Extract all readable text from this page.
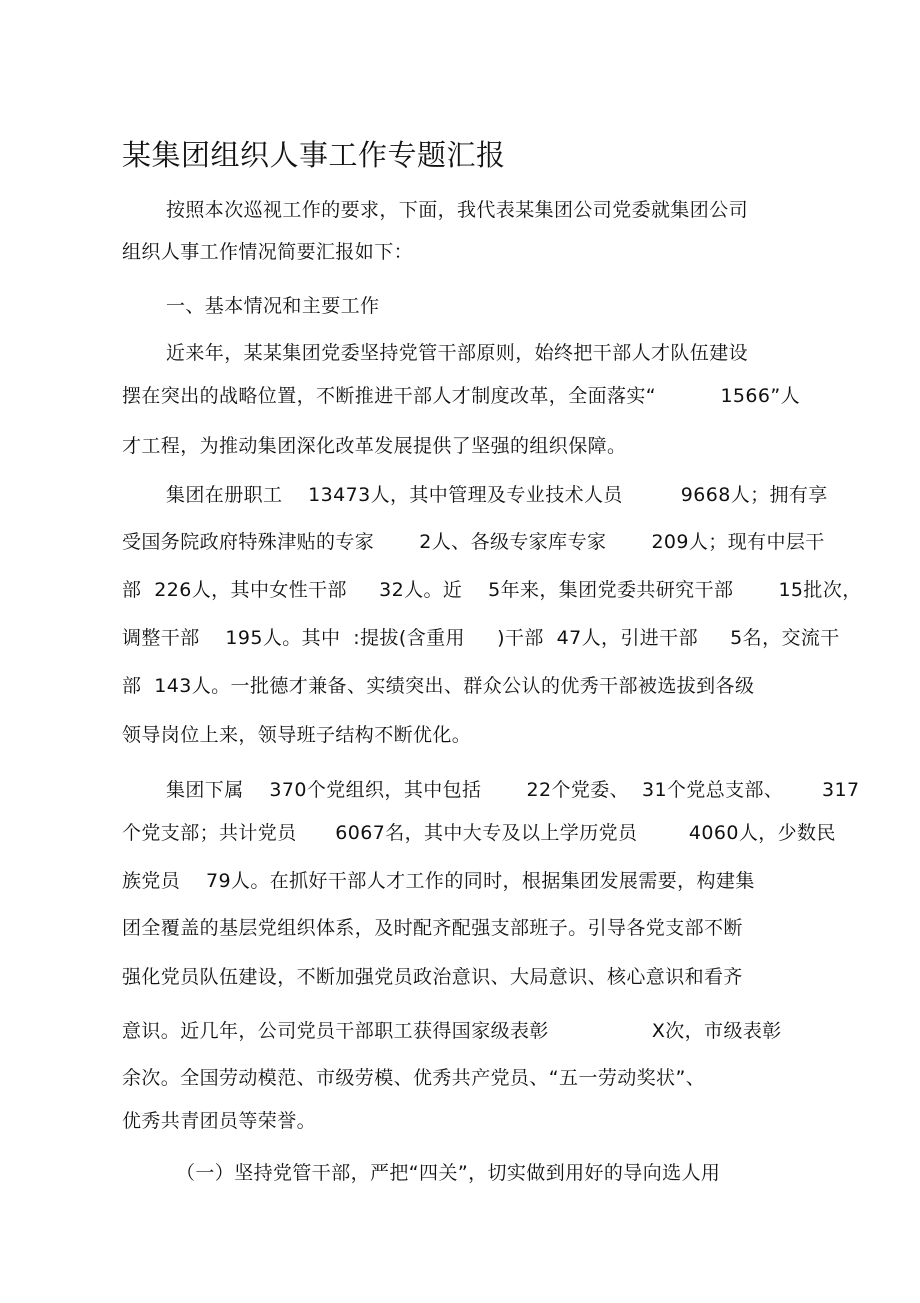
某集团组织人事工作专题汇报
按照本次巡视工作的要求，下面，我代表某集团公司党委就集团公司
组织人事工作情况简要汇报如下：
一、基本情况和主要工作
近来年，某某集团党委坚持党管干部原则，始终把干部人才队伍建设
摆在突出的战略位置，不断推进干部人才制度改革，全面落实“          1566”人
才工程，为推动集团深化改革发展提供了坚强的组织保障。
集团在册职工    13473人，其中管理及专业技术人员         9668人；拥有享
受国务院政府特殊津贴的专家       2人、各级专家库专家       209人；现有中层干
部  226人，其中女性干部     32人。近    5年来，集团党委共研究干部       15批次，
调整干部    195人。其中  :提拔(含重用     )干部  47人，引进干部     5名，交流干
部  143人。一批德才兼备、实绩突出、群众公认的优秀干部被选拔到各级
领导岗位上来，领导班子结构不断优化。
集团下属    370个党组织，其中包括       22个党委、  31个党总支部、      317
个党支部；共计党员      6067名，其中大专及以上学历党员        4060人，少数民
族党员    79人。在抓好干部人才工作的同时，根据集团发展需要，构建集
团全覆盖的基层党组织体系，及时配齐配强支部班子。引导各党支部不断
强化党员队伍建设，不断加强党员政治意识、大局意识、核心意识和看齐
意识。近几年，公司党员干部职工获得国家级表彰                X次，市级表彰
余次。全国劳动模范、市级劳模、优秀共产党员、“五一劳动奖状”、
优秀共青团员等荣誉。
（一）坚持党管干部，严把“四关”，切实做到用好的导向选人用
